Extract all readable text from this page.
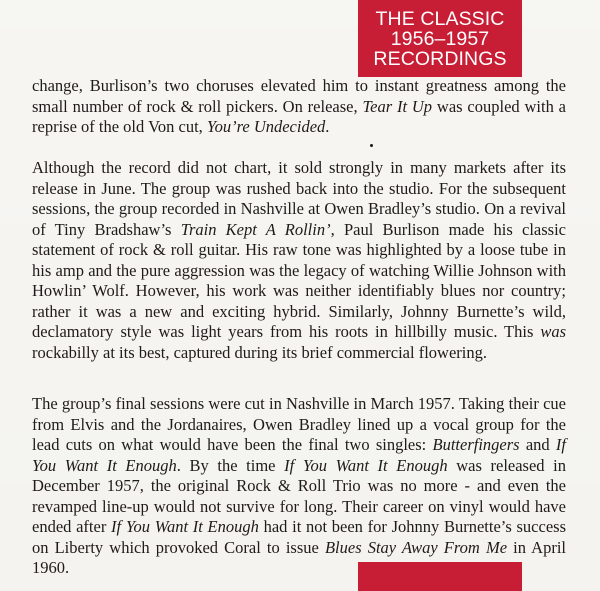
THE CLASSIC
1956–1957
RECORDINGS

change, Burlison’s two choruses elevated him to instant greatness among the small number of rock & roll pickers. On release, Tear It Up was coupled with a reprise of the old Von cut, You’re Undecided.

Although the record did not chart, it sold strongly in many markets after its release in June. The group was rushed back into the studio. For the subsequent sessions, the group recorded in Nashville at Owen Bradley’s studio. On a revival of Tiny Bradshaw’s Train Kept A Rollin’, Paul Burlison made his classic statement of rock & roll guitar. His raw tone was highlighted by a loose tube in his amp and the pure aggression was the legacy of watching Willie Johnson with Howlin’ Wolf. However, his work was neither identifiably blues nor country; rather it was a new and exciting hybrid. Similarly, Johnny Burnette’s wild, declamatory style was light years from his roots in hillbilly music. This was rockabilly at its best, captured during its brief commercial flowering.

The group’s final sessions were cut in Nashville in March 1957. Taking their cue from Elvis and the Jordanaires, Owen Bradley lined up a vocal group for the lead cuts on what would have been the final two singles: Butterfingers and If You Want It Enough. By the time If You Want It Enough was released in December 1957, the original Rock & Roll Trio was no more - and even the revamped line-up would not survive for long. Their career on vinyl would have ended after If You Want It Enough had it not been for Johnny Burnette’s success on Liberty which provoked Coral to issue Blues Stay Away From Me in April 1960.
